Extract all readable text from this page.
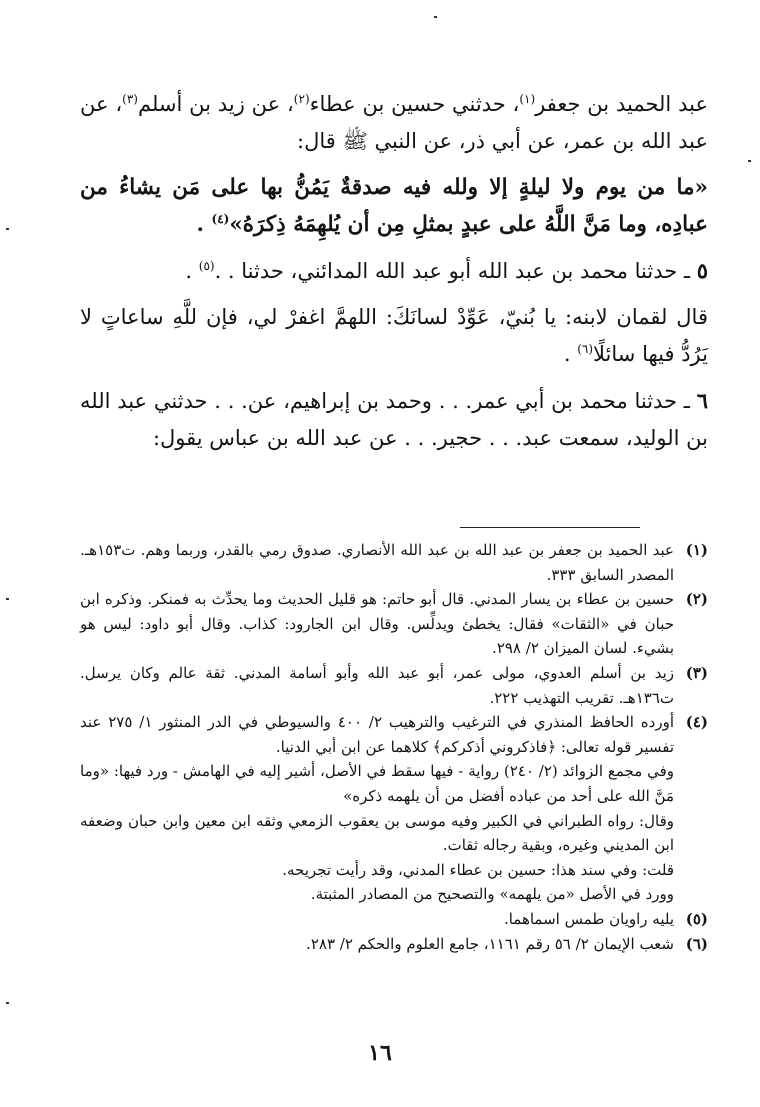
عبد الحميد بن جعفر$^{(١)}$، حدثني حسين بن عطاء$^{(٢)}$، عن زيد بن أسلم$^{(٣)}$، عن عبد الله بن عمر، عن أبي ذر، عن النبي ﷺ قال:

«ما من يوم ولا ليلةٍ إلا ولله فيه صدقةٌ يَمُنُّ بها على مَن يشاءُ من عبادِه، وما مَنَّ اللَّهُ على عبدٍ بمثلِ مِن أن يُلهِمَهُ ذِكرَهُ»$^{(٤)}$ .

٥ ـ حدثنا محمد بن عبد الله أبو عبد الله المدائني، حدثنا . .$^{(٥)}$ .

قال لقمان لابنه: يا بُنيّ، عَوِّدْ لسانَكَ: اللهمَّ اغفرْ لي، فإن للَّهِ ساعاتٍ لا يَرُدُّ فيها سائلًا$^{(٦)}$ .

٦ ـ حدثنا محمد بن أبي عمر. . . وحمد بن إبراهيم، عن. . . حدثني عبد الله بن الوليد، سمعت عبد. . . حجير. . . عن عبد الله بن عباس يقول:

(١)
عبد الحميد بن جعفر بن عبد الله بن عبد الله الأنصاري. صدوق رمي بالقدر، وربما وهم. ت١٥٣هـ. المصدر السابق ٣٣٣.
(٢)
حسين بن عطاء بن يسار المدني. قال أبو حاتم: هو قليل الحديث وما يحدِّث به فمنكر. وذكره ابن حبان في «الثقات» فقال: يخطئ ويدلِّس. وقال ابن الجارود: كذاب. وقال أبو داود: ليس هو بشيء. لسان الميزان ٢/ ٢٩٨.
(٣)
زيد بن أسلم العدوي، مولى عمر، أبو عبد الله وأبو أسامة المدني. ثقة عالم وكان يرسل. ت١٣٦هـ. تقريب التهذيب ٢٢٢.
(٤)
أورده الحافظ المنذري في الترغيب والترهيب ٢/ ٤٠٠ والسيوطي في الدر المنثور ١/ ٢٧٥ عند تفسير قوله تعالى: ﴿فاذكروني أذكركم﴾ كلاهما عن ابن أبي الدنيا.

وفي مجمع الزوائد (٢/ ٢٤٠) رواية - فيها سقط في الأصل، أشير إليه في الهامش - ورد فيها: «وما مَنَّ الله على أحد من عباده أفضل من أن يلهمه ذكره»

وقال: رواه الطبراني في الكبير وفيه موسى بن يعقوب الزمعي وثقه ابن معين وابن حبان وضعفه ابن المديني وغيره، وبقية رجاله ثقات.

قلت: وفي سند هذا: حسين بن عطاء المدني، وقد رأيت تجريحه.

وورد في الأصل «من يلهمه» والتصحيح من المصادر المثبتة.

(٥)
يليه راويان طمس اسماهما.
(٦)
شعب الإيمان ٢/ ٥٦ رقم ١١٦١، جامع العلوم والحكم ٢/ ٢٨٣.
١٦
